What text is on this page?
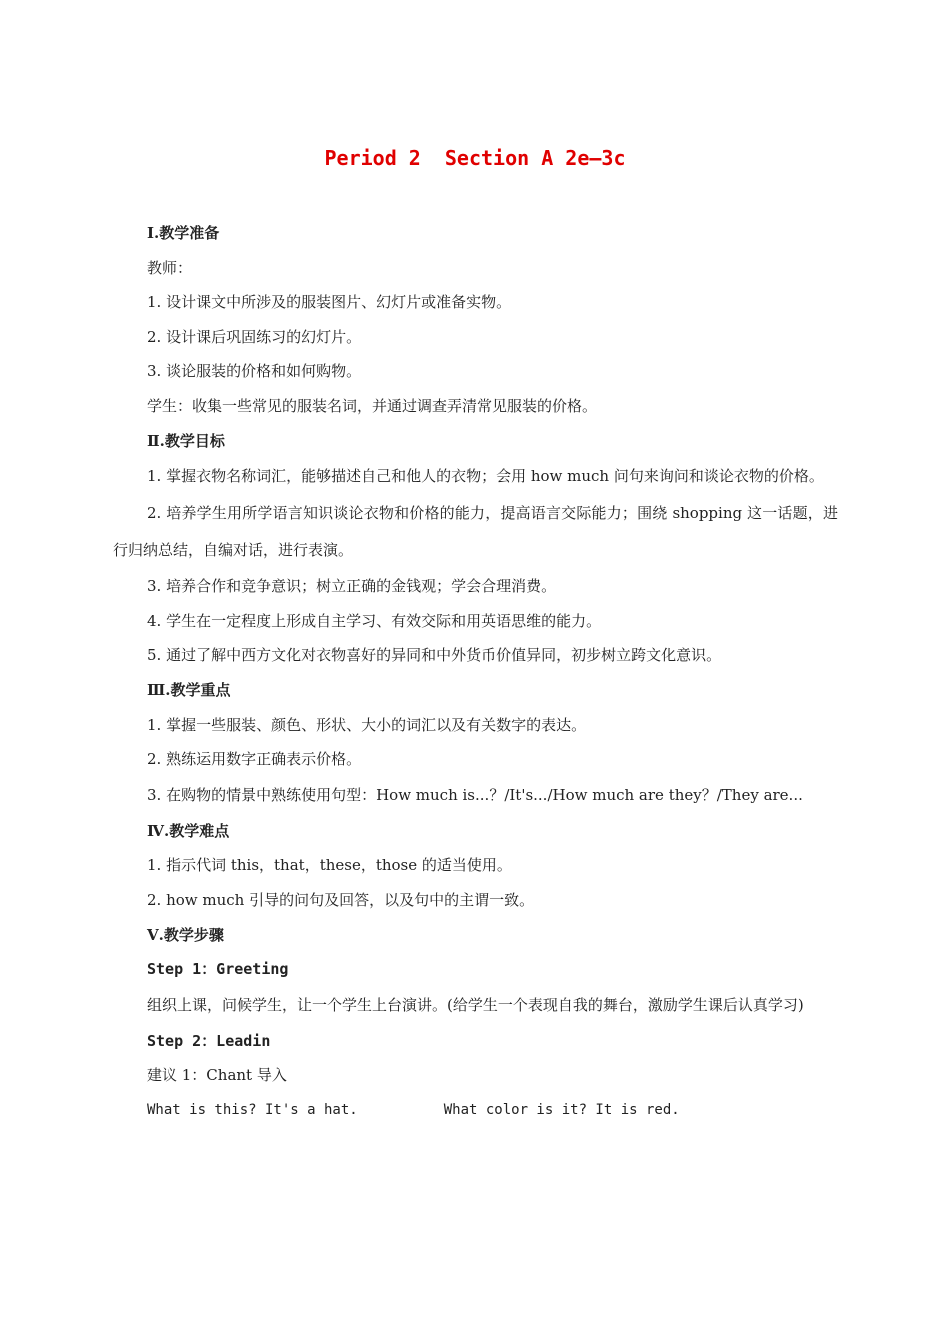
Period 2  Section A 2e—3c
Ⅰ.教学准备
教师：
1. 设计课文中所涉及的服装图片、幻灯片或准备实物。
2. 设计课后巩固练习的幻灯片。
3. 谈论服装的价格和如何购物。
学生：收集一些常见的服装名词，并通过调查弄清常见服装的价格。
Ⅱ.教学目标
1. 掌握衣物名称词汇，能够描述自己和他人的衣物；会用 how much 问句来询问和谈论衣物的价格。
2. 培养学生用所学语言知识谈论衣物和价格的能力，提高语言交际能力；围绕 shopping 这一话题，进行归纳总结，自编对话，进行表演。
3. 培养合作和竞争意识；树立正确的金钱观；学会合理消费。
4. 学生在一定程度上形成自主学习、有效交际和用英语思维的能力。
5. 通过了解中西方文化对衣物喜好的异同和中外货币价值异同，初步树立跨文化意识。
Ⅲ.教学重点
1. 掌握一些服装、颜色、形状、大小的词汇以及有关数字的表达。
2. 熟练运用数字正确表示价格。
3. 在购物的情景中熟练使用句型：How much is...？/It's.../How much are they？/They are...
Ⅳ.教学难点
1. 指示代词 this，that，these，those 的适当使用。
2. how much 引导的问句及回答，以及句中的主谓一致。
Ⅴ.教学步骤
Step 1：Greeting
组织上课，问候学生，让一个学生上台演讲。(给学生一个表现自我的舞台，激励学生课后认真学习)
Step 2：Leadin
建议 1：Chant 导入
What is this? It's a hat.	What color is it? It is red.
